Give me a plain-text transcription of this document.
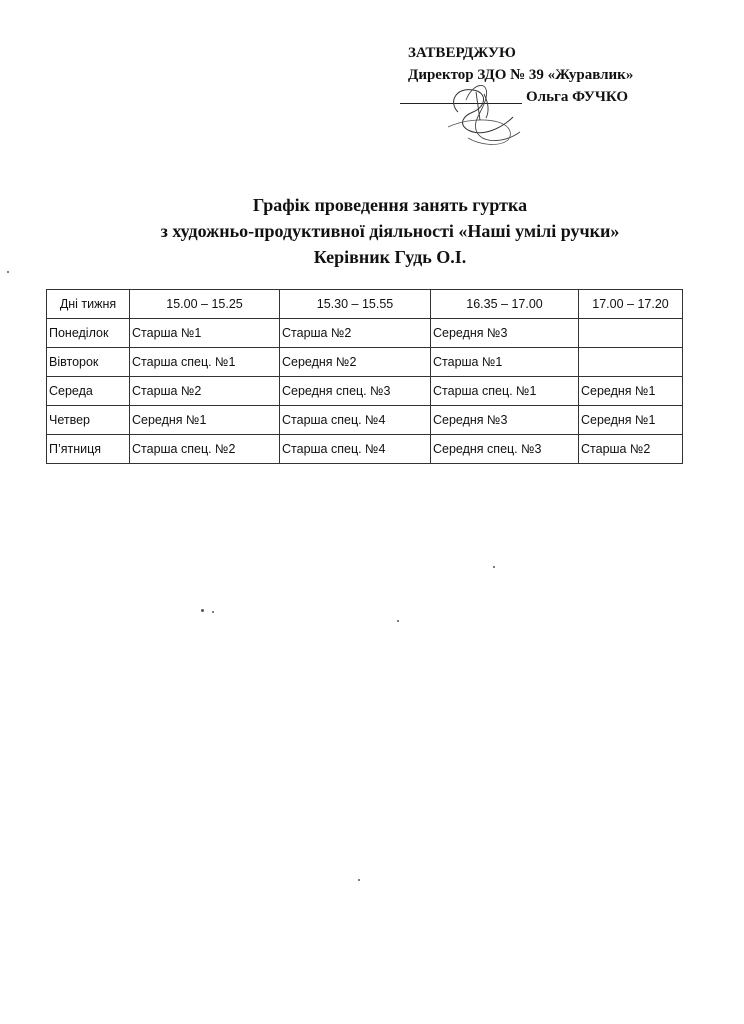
ЗАТВЕРДЖУЮ
Директор ЗДО № 39 «Журавлик»
Ольга ФУЧКО
Графік проведення занять гуртка
з художньо-продуктивної діяльності «Наші умілі ручки»
Керівник Гудь О.І.
Дні тижня	15.00 – 15.25	15.30 – 15.55	16.35 – 17.00	17.00 – 17.20
Понеділок	Старша №1	Старша №2	Середня №3	
Вівторок	Старша спец. №1	Середня №2	Старша №1	
Середа	Старша №2	Середня спец. №3	Старша спец. №1	Середня №1
Четвер	Середня №1	Старша спец. №4	Середня №3	Середня №1
П’ятниця	Старша спец. №2	Старша спец. №4	Середня спец. №3	Старша №2
